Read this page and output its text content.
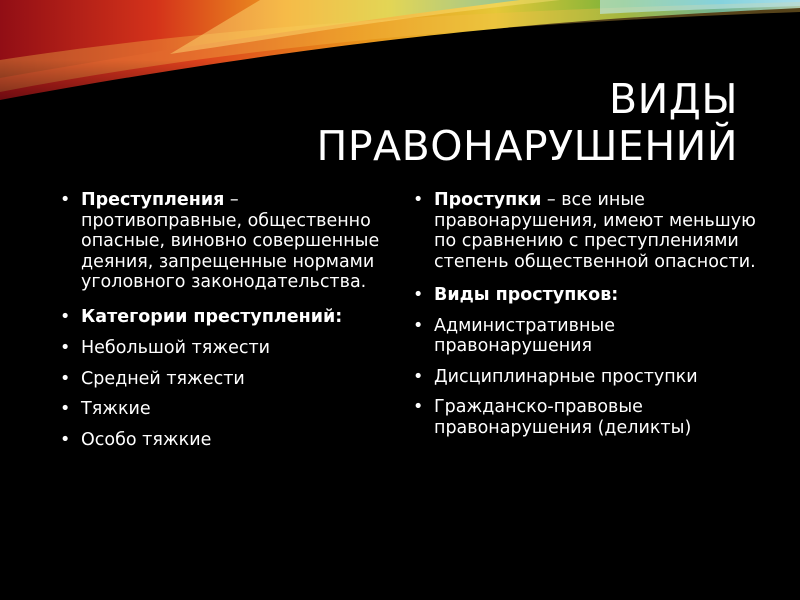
ВИДЫ
ПРАВОНАРУШЕНИЙ
• Преступления – противоправные, общественно опасные, виновно совершенные деяния, запрещенные нормами уголовного законодательства.
• Категории преступлений:
• Небольшой тяжести
• Средней тяжести
• Тяжкие
• Особо тяжкие
• Проступки – все иные правонарушения, имеют меньшую по сравнению с преступлениями степень общественной опасности.
• Виды проступков:
• Административные правонарушения
• Дисциплинарные проступки
• Гражданско-правовые правонарушения (деликты)
